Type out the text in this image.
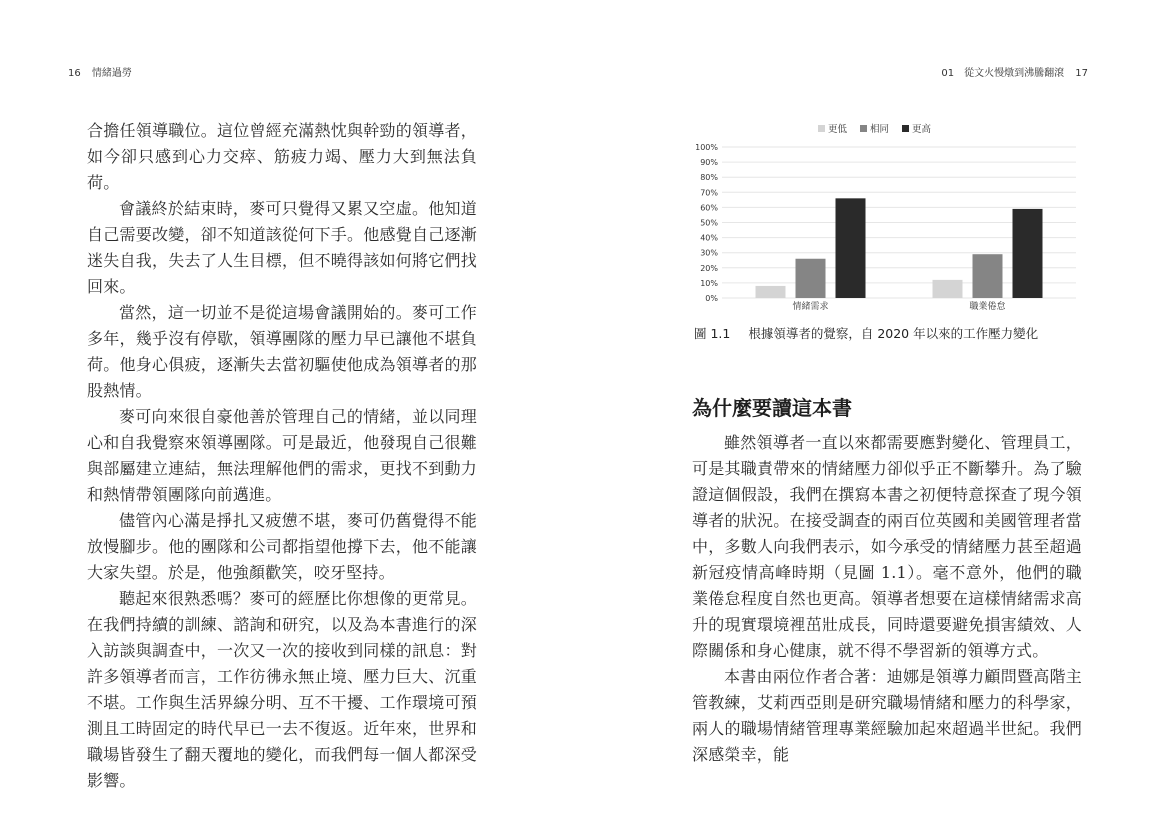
16 情緒過勞	01　從文火慢燉到沸騰翻滾 17

合擔任領導職位。這位曾經充滿熱忱與幹勁的領導者，如今卻只感到心力交瘁、筋疲力竭、壓力大到無法負荷。

會議終於結束時，麥可只覺得又累又空虛。他知道自己需要改變，卻不知道該從何下手。他感覺自己逐漸迷失自我，失去了人生目標，但不曉得該如何將它們找回來。

當然，這一切並不是從這場會議開始的。麥可工作多年，幾乎沒有停歇，領導團隊的壓力早已讓他不堪負荷。他身心俱疲，逐漸失去當初驅使他成為領導者的那股熱情。

麥可向來很自豪他善於管理自己的情緒，並以同理心和自我覺察來領導團隊。可是最近，他發現自己很難與部屬建立連結，無法理解他們的需求，更找不到動力和熱情帶領團隊向前邁進。

儘管內心滿是掙扎又疲憊不堪，麥可仍舊覺得不能放慢腳步。他的團隊和公司都指望他撐下去，他不能讓大家失望。於是，他強顏歡笑，咬牙堅持。

聽起來很熟悉嗎？麥可的經歷比你想像的更常見。在我們持續的訓練、諮詢和研究，以及為本書進行的深入訪談與調查中，一次又一次的接收到同樣的訊息：對許多領導者而言，工作彷彿永無止境、壓力巨大、沉重不堪。工作與生活界線分明、互不干擾、工作環境可預測且工時固定的時代早已一去不復返。近年來，世界和職場皆發生了翻天覆地的變化，而我們每一個人都深受影響。

更低 相同 更高
0%
10%
20%
30%
40%
50%
60%
70%
80%
90%
100%
情緒需求	職業倦怠
圖 1.1 根據領導者的覺察，自 2020 年以來的工作壓力變化
為什麼要讀這本書

雖然領導者一直以來都需要應對變化、管理員工，可是其職責帶來的情緒壓力卻似乎正不斷攀升。為了驗證這個假設，我們在撰寫本書之初便特意探查了現今領導者的狀況。在接受調查的兩百位英國和美國管理者當中，多數人向我們表示，如今承受的情緒壓力甚至超過新冠疫情高峰時期（見圖 1.1）。毫不意外，他們的職業倦怠程度自然也更高。領導者想要在這樣情緒需求高升的現實環境裡茁壯成長，同時還要避免損害績效、人際關係和身心健康，就不得不學習新的領導方式。

本書由兩位作者合著：迪娜是領導力顧問暨高階主管教練，艾莉西亞則是研究職場情緒和壓力的科學家，兩人的職場情緒管理專業經驗加起來超過半世紀。我們深感榮幸，能
